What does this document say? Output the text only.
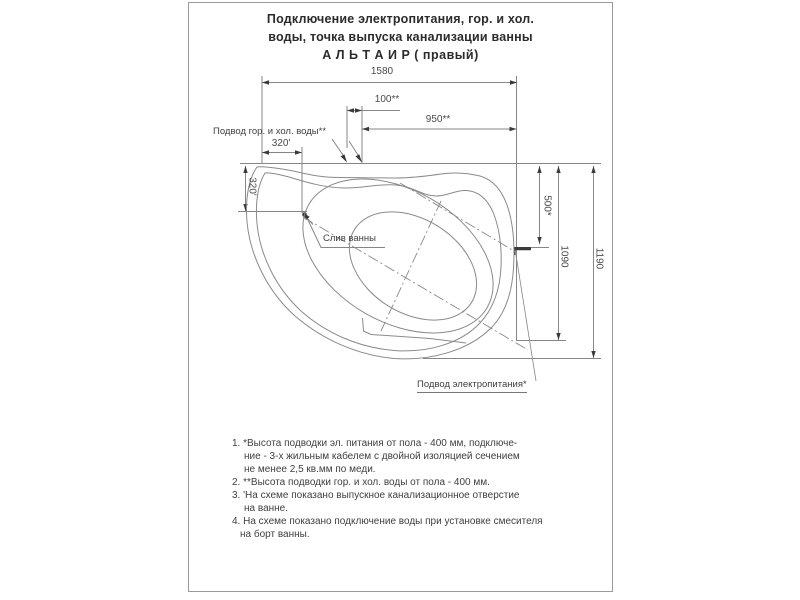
Подключение электропитания, гор. и хол.
воды, точка выпуска канализации ванны
А Л Ь Т А И Р ( правый)
1580
100**
950**
320'
320'
500*
1090 1190
Подвод гор. и хол. воды**
Слив ванны
Подвод электропитания*
1. *Высота подводки эл. питания от пола - 400 мм, подключе-
ние - 3-х жильным кабелем с двойной изоляцией сечением
не менее 2,5 кв.мм по меди.
2. **Высота подводки гор. и хол. воды от пола - 400 мм.
3. 'На схеме показано выпускное канализационное отверстие
на ванне.
4. На схеме показано подключение воды при установке смесителя
на борт ванны.
